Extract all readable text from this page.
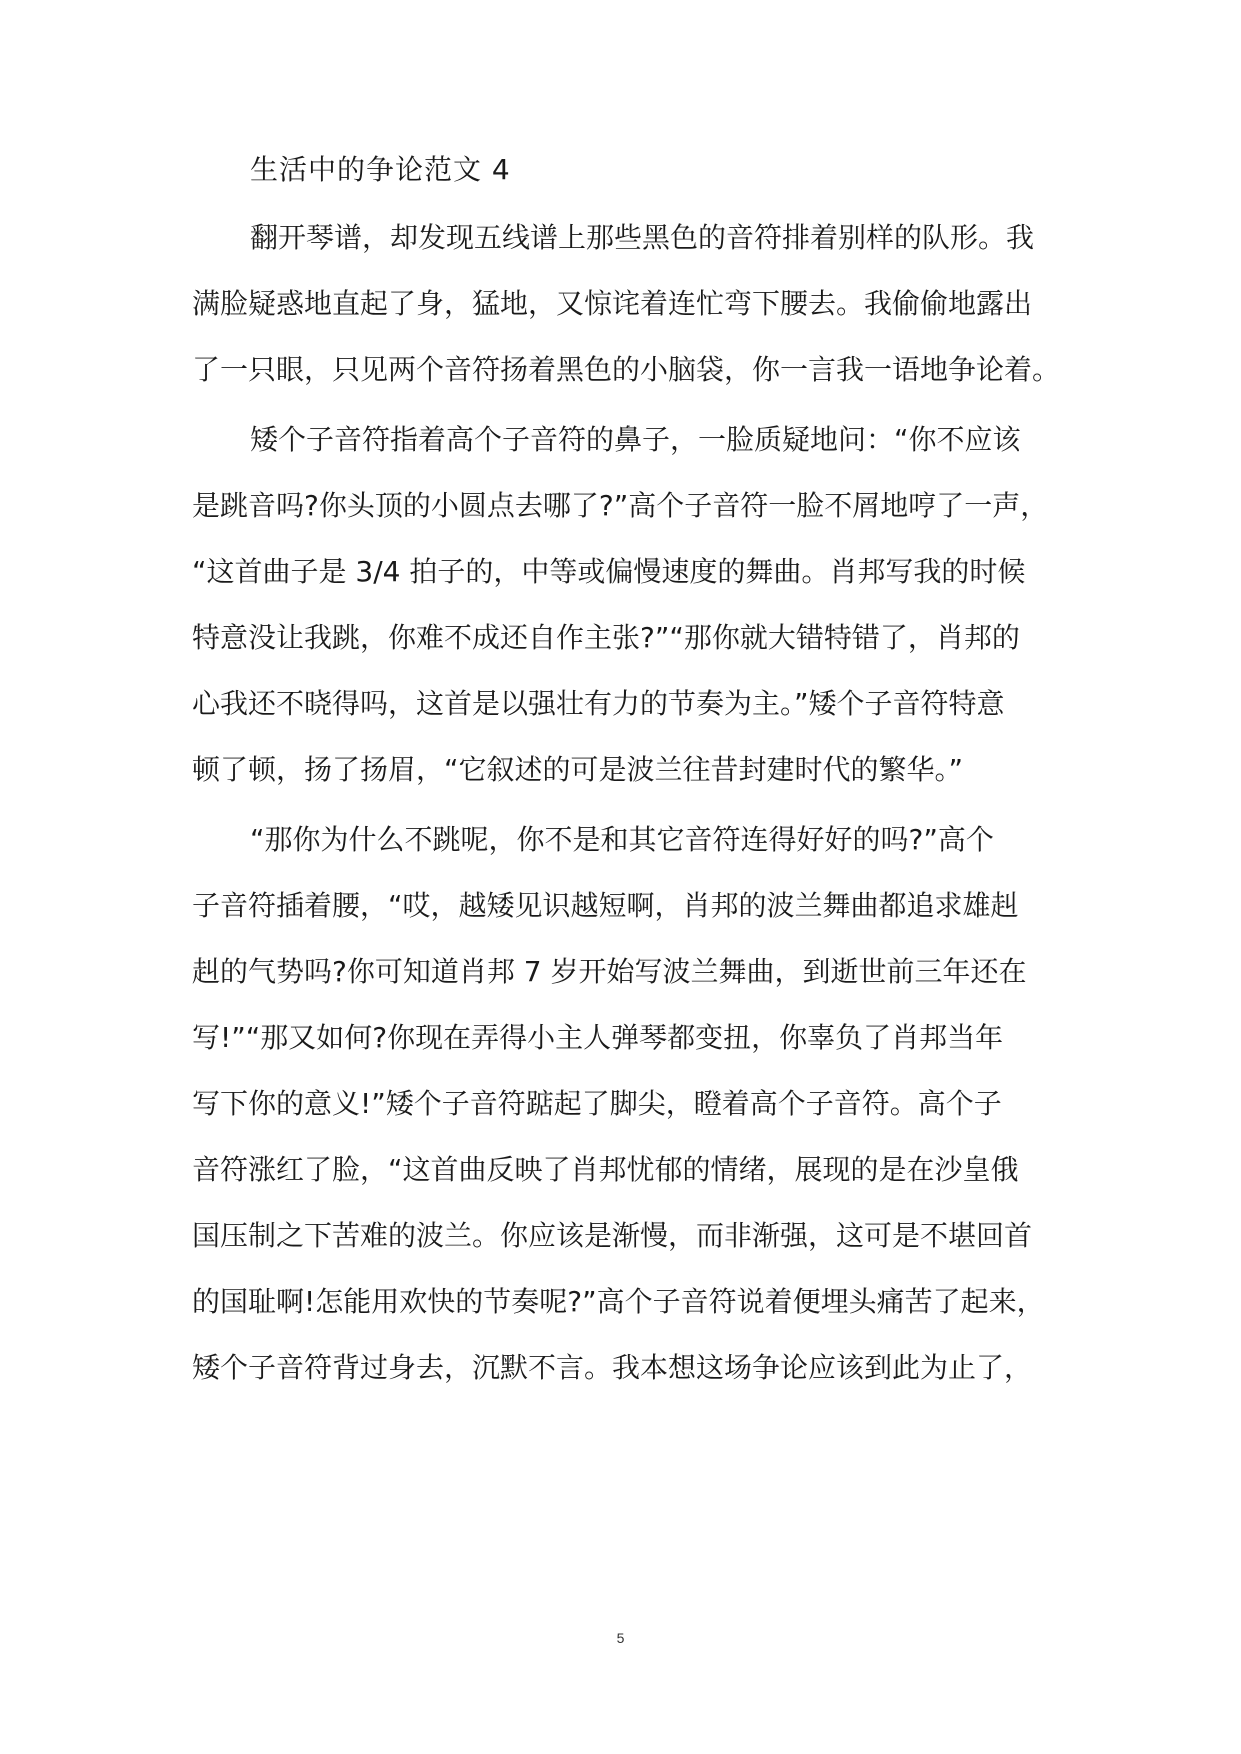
生活中的争论范文 4
翻开琴谱，却发现五线谱上那些黑色的音符排着别样的队形。我
满脸疑惑地直起了身，猛地，又惊诧着连忙弯下腰去。我偷偷地露出
了一只眼，只见两个音符扬着黑色的小脑袋，你一言我一语地争论着。
矮个子音符指着高个子音符的鼻子，一脸质疑地问：“你不应该
是跳音吗?你头顶的小圆点去哪了?”高个子音符一脸不屑地哼了一声，
“这首曲子是 3/4 拍子的，中等或偏慢速度的舞曲。肖邦写我的时候
特意没让我跳，你难不成还自作主张?”“那你就大错特错了，肖邦的
心我还不晓得吗，这首是以强壮有力的节奏为主。”矮个子音符特意
顿了顿，扬了扬眉，“它叙述的可是波兰往昔封建时代的繁华。”
“那你为什么不跳呢，你不是和其它音符连得好好的吗?”高个
子音符插着腰，“哎，越矮见识越短啊，肖邦的波兰舞曲都追求雄赳
赳的气势吗?你可知道肖邦 7 岁开始写波兰舞曲，到逝世前三年还在
写!”“那又如何?你现在弄得小主人弹琴都变扭，你辜负了肖邦当年
写下你的意义!”矮个子音符踮起了脚尖，瞪着高个子音符。高个子
音符涨红了脸，“这首曲反映了肖邦忧郁的情绪，展现的是在沙皇俄
国压制之下苦难的波兰。你应该是渐慢，而非渐强，这可是不堪回首
的国耻啊!怎能用欢快的节奏呢?”高个子音符说着便埋头痛苦了起来，
矮个子音符背过身去，沉默不言。我本想这场争论应该到此为止了，
5
